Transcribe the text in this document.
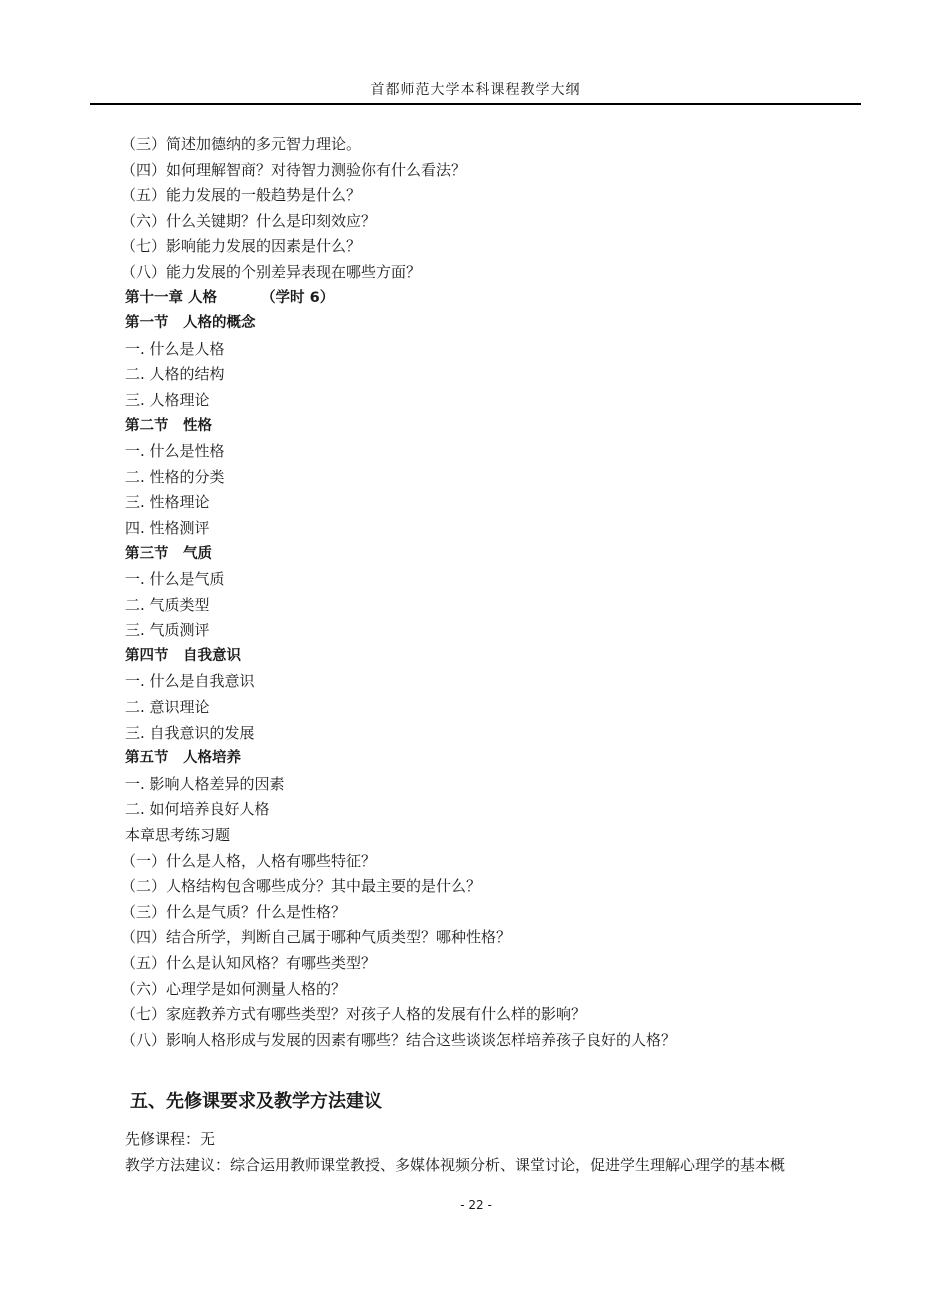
首都师范大学本科课程教学大纲
（三）简述加德纳的多元智力理论。
（四）如何理解智商？对待智力测验你有什么看法？
（五）能力发展的一般趋势是什么？
（六）什么关键期？什么是印刻效应？
（七）影响能力发展的因素是什么？
（八）能力发展的个别差异表现在哪些方面？
第十一章 人格	（学时 6）
第一节　人格的概念
一. 什么是人格
二. 人格的结构
三. 人格理论
第二节　性格
一. 什么是性格
二. 性格的分类
三. 性格理论
四. 性格测评
第三节　气质
一. 什么是气质
二. 气质类型
三. 气质测评
第四节　自我意识
一. 什么是自我意识
二. 意识理论
三. 自我意识的发展
第五节　人格培养
一. 影响人格差异的因素
二. 如何培养良好人格
本章思考练习题
（一）什么是人格，人格有哪些特征？
（二）人格结构包含哪些成分？其中最主要的是什么？
（三）什么是气质？什么是性格？
（四）结合所学，判断自己属于哪种气质类型？哪种性格？
（五）什么是认知风格？有哪些类型？
（六）心理学是如何测量人格的？
（七）家庭教养方式有哪些类型？对孩子人格的发展有什么样的影响？
（八）影响人格形成与发展的因素有哪些？结合这些谈谈怎样培养孩子良好的人格？
五、先修课要求及教学方法建议
先修课程：无
教学方法建议：综合运用教师课堂教授、多媒体视频分析、课堂讨论，促进学生理解心理学的基本概
- 22 -
